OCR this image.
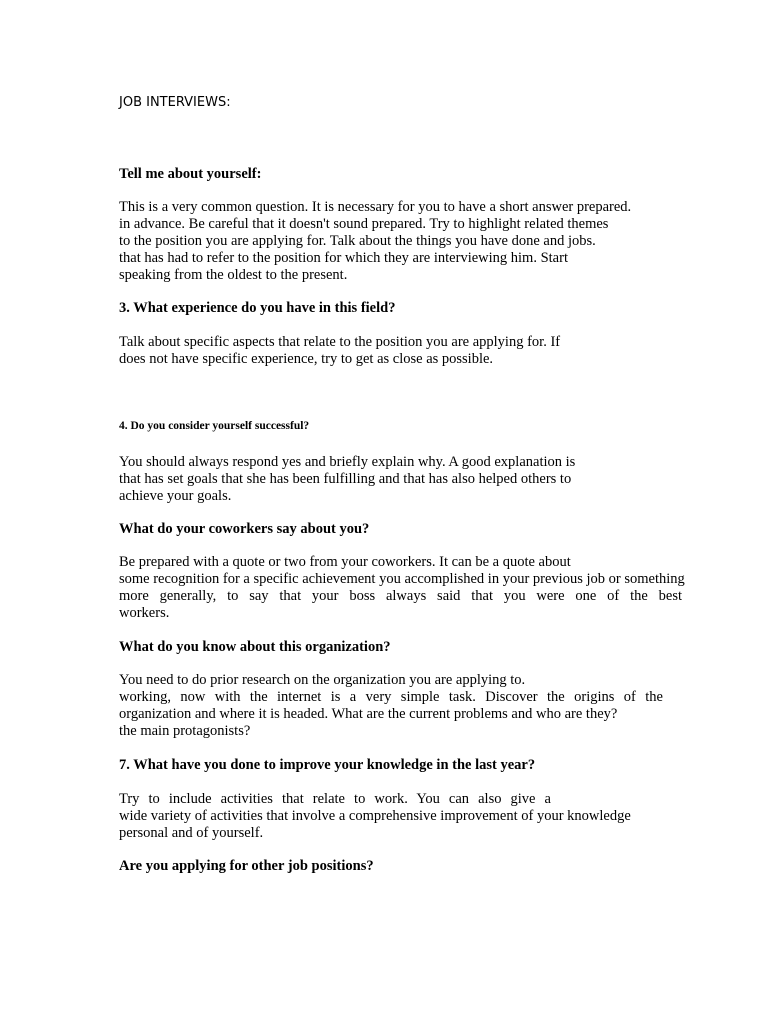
JOB INTERVIEWS:

Tell me about yourself:

This is a very common question. It is necessary for you to have a short answer prepared.
in advance. Be careful that it doesn't sound prepared. Try to highlight related themes
to the position you are applying for. Talk about the things you have done and jobs.
that has had to refer to the position for which they are interviewing him. Start
speaking from the oldest to the present.

3. What experience do you have in this field?

Talk about specific aspects that relate to the position you are applying for. If
does not have specific experience, try to get as close as possible.

4. Do you consider yourself successful?

You should always respond yes and briefly explain why. A good explanation is
that has set goals that she has been fulfilling and that has also helped others to
achieve your goals.

What do your coworkers say about you?

Be prepared with a quote or two from your coworkers. It can be a quote about
some recognition for a specific achievement you accomplished in your previous job or something
more generally, to say that your boss always said that you were one of the best
workers.

What do you know about this organization?

You need to do prior research on the organization you are applying to.
working, now with the internet is a very simple task. Discover the origins of the
organization and where it is headed. What are the current problems and who are they?
the main protagonists?

7. What have you done to improve your knowledge in the last year?

Try to include activities that relate to work. You can also give a
wide variety of activities that involve a comprehensive improvement of your knowledge
personal and of yourself.

Are you applying for other job positions?
